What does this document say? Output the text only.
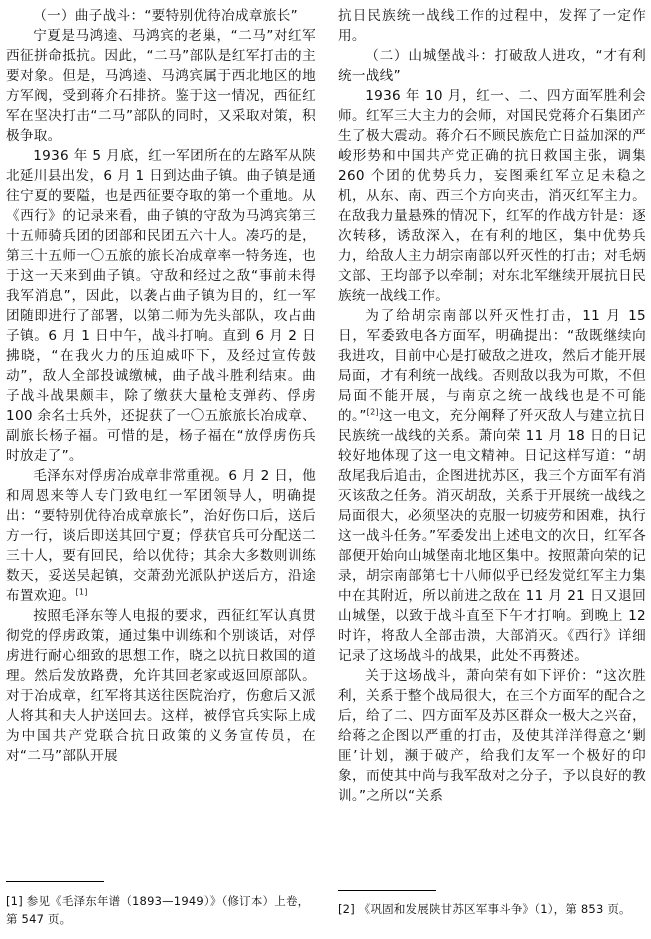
（一）曲子战斗：“要特别优待冶成章旅长”

宁夏是马鸿逵、马鸿宾的老巢，“二马”对红军西征拼命抵抗。因此，“二马”部队是红军打击的主要对象。但是，马鸿逵、马鸿宾属于西北地区的地方军阀，受到蒋介石排挤。鉴于这一情况，西征红军在坚决打击“二马”部队的同时，又采取对策，积极争取。

1936 年 5 月底，红一军团所在的左路军从陕北延川县出发，6 月 1 日到达曲子镇。曲子镇是通往宁夏的要隘，也是西征要夺取的第一个重地。从《西行》的记录来看，曲子镇的守敌为马鸿宾第三十五师骑兵团的团部和民团五六十人。凑巧的是，第三十五师一〇五旅的旅长冶成章率一特务连，也于这一天来到曲子镇。守敌和经过之敌“事前未得我军消息”，因此，以袭占曲子镇为目的，红一军团随即进行了部署，以第二师为先头部队，攻占曲子镇。6 月 1 日中午，战斗打响。直到 6 月 2 日拂晓，“在我火力的压迫威吓下，及经过宣传鼓动”，敌人全部投诚缴械，曲子战斗胜利结束。曲子战斗战果颇丰，除了缴获大量枪支弹药、俘虏 100 余名士兵外，还捉获了一〇五旅旅长冶成章、副旅长杨子福。可惜的是，杨子福在“放俘虏伤兵时放走了”。

毛泽东对俘虏冶成章非常重视。6 月 2 日，他和周恩来等人专门致电红一军团领导人，明确提出：“要特别优待冶成章旅长”，治好伤口后，送后方一行，谈后即送其回宁夏；俘获官兵可分配送二三十人，要有回民，给以优待；其余大多数则训练数天，妥送吴起镇，交萧劲光派队护送后方，沿途布置欢迎。[1]

按照毛泽东等人电报的要求，西征红军认真贯彻党的俘虏政策，通过集中训练和个别谈话，对俘虏进行耐心细致的思想工作，晓之以抗日救国的道理。然后发放路费，允许其回老家或返回原部队。对于冶成章，红军将其送往医院治疗，伤愈后又派人将其和夫人护送回去。这样，被俘官兵实际上成为中国共产党联合抗日政策的义务宣传员，在对“二马”部队开展

抗日民族统一战线工作的过程中，发挥了一定作用。
（二）山城堡战斗：打破敌人进攻，“才有利统一战线”

1936 年 10 月，红一、二、四方面军胜利会师。红军三大主力的会师，对国民党蒋介石集团产生了极大震动。蒋介石不顾民族危亡日益加深的严峻形势和中国共产党正确的抗日救国主张，调集 260 个团的优势兵力，妄图乘红军立足未稳之机，从东、南、西三个方向夹击，消灭红军主力。在敌我力量悬殊的情况下，红军的作战方针是：逐次转移，诱敌深入，在有利的地区，集中优势兵力，给敌人主力胡宗南部以歼灭性的打击；对毛炳文部、王均部予以牵制；对东北军继续开展抗日民族统一战线工作。

为了给胡宗南部以歼灭性打击，11 月 15 日，军委致电各方面军，明确提出：“敌既继续向我进攻，目前中心是打破敌之进攻，然后才能开展局面，才有利统一战线。否则敌以我为可欺，不但局面不能开展，与南京之统一战线也是不可能的。”[2]这一电文，充分阐释了歼灭敌人与建立抗日民族统一战线的关系。萧向荣 11 月 18 日的日记较好地体现了这一电文精神。日记这样写道：“胡敌尾我后追击，企图进扰苏区，我三个方面军有消灭该敌之任务。消灭胡敌，关系于开展统一战线之局面很大，必须坚决的克服一切疲劳和困难，执行这一战斗任务。”军委发出上述电文的次日，红军各部便开始向山城堡南北地区集中。按照萧向荣的记录，胡宗南部第七十八师似乎已经发觉红军主力集中在其附近，所以前进之敌在 11 月 21 日又退回山城堡，以致于战斗直至下午才打响。到晚上 12 时许，将敌人全部击溃，大部消灭。《西行》详细记录了这场战斗的战果，此处不再赘述。

关于这场战斗，萧向荣有如下评价：“这次胜利，关系于整个战局很大，在三个方面军的配合之后，给了二、四方面军及苏区群众一极大之兴奋，给蒋之企图以严重的打击，及使其洋洋得意之‘剿匪’计划，濒于破产，给我们友军一个极好的印象，而使其中尚与我军敌对之分子，予以良好的教训。”之所以“关系

[1] 参见《毛泽东年谱（1893—1949）》（修订本）上卷，第 547 页。
[2] 《巩固和发展陕甘苏区军事斗争》（1），第 853 页。
